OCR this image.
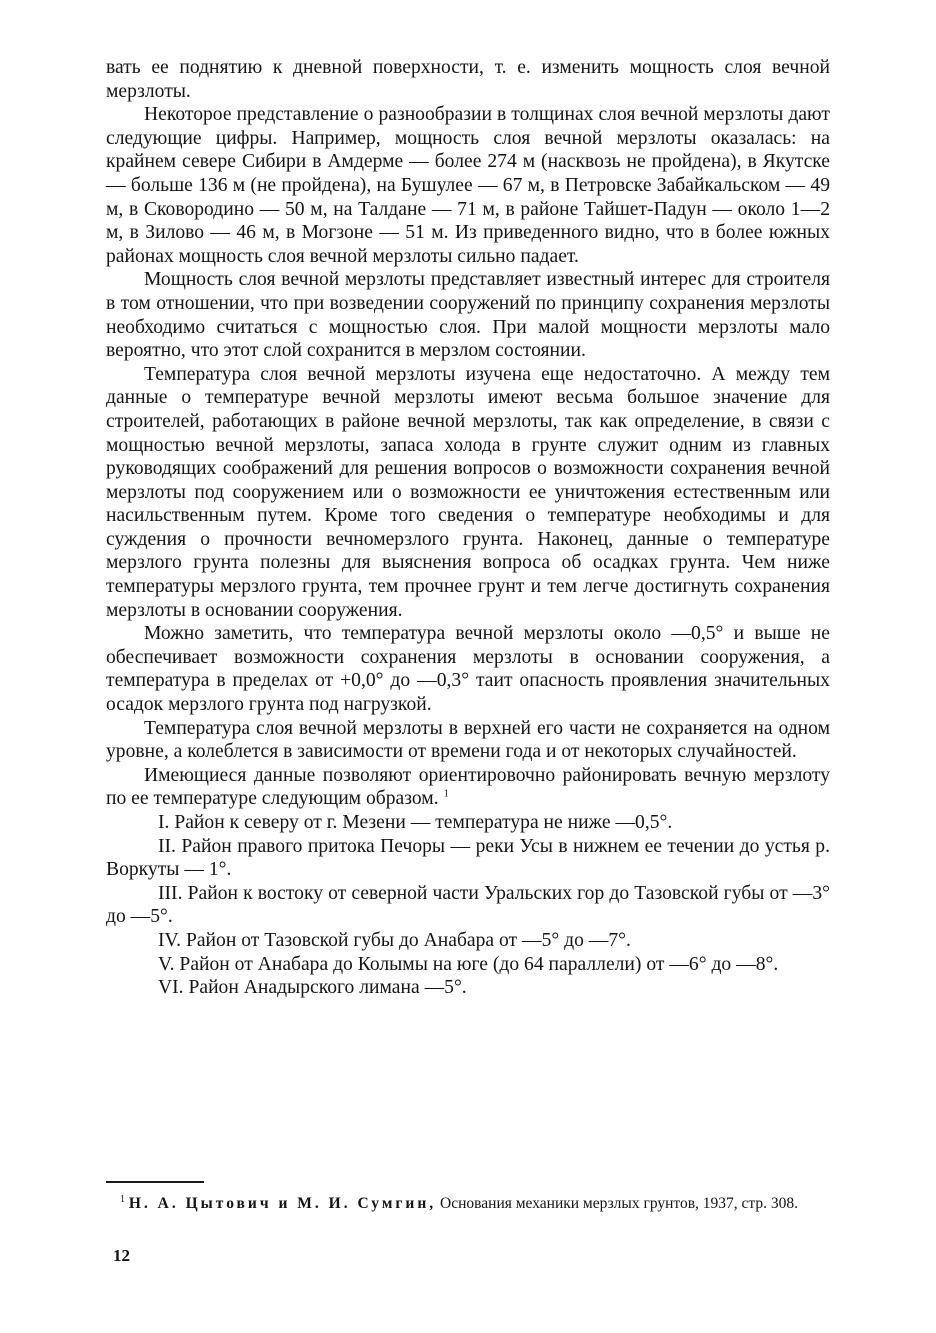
вать ее поднятию к дневной поверхности, т. е. изменить мощность слоя вечной мерзлоты.

Некоторое представление о разнообразии в толщинах слоя вечной мерзлоты дают следующие цифры. Например, мощность слоя вечной мерзлоты оказалась: на крайнем севере Сибири в Амдерме — более 274 м (насквозь не пройдена), в Якутске — больше 136 м (не пройдена), на Бушулее — 67 м, в Петровске Забайкальском — 49 м, в Сковородино — 50 м, на Талдане — 71 м, в районе Тайшет-Падун — около 1—2 м, в Зилово — 46 м, в Могзоне — 51 м. Из приведенного видно, что в более южных районах мощность слоя вечной мерзлоты сильно падает.

Мощность слоя вечной мерзлоты представляет известный интерес для строителя в том отношении, что при возведении сооружений по принципу сохранения мерзлоты необходимо считаться с мощностью слоя. При малой мощности мерзлоты мало вероятно, что этот слой сохранится в мерзлом состоянии.

Температура слоя вечной мерзлоты изучена еще недостаточно. А между тем данные о температуре вечной мерзлоты имеют весьма большое значение для строителей, работающих в районе вечной мерзлоты, так как определение, в связи с мощностью вечной мерзлоты, запаса холода в грунте служит одним из главных руководящих соображений для решения вопросов о возможности сохранения вечной мерзлоты под сооружением или о возможности ее уничтожения естественным или насильственным путем. Кроме того сведения о температуре необходимы и для суждения о прочности вечномерзлого грунта. Наконец, данные о температуре мерзлого грунта полезны для выяснения вопроса об осадках грунта. Чем ниже температуры мерзлого грунта, тем прочнее грунт и тем легче достигнуть сохранения мерзлоты в основании сооружения.

Можно заметить, что температура вечной мерзлоты около —0,5° и выше не обеспечивает возможности сохранения мерзлоты в основании сооружения, а температура в пределах от +0,0° до —0,3° таит опасность проявления значительных осадок мерзлого грунта под нагрузкой.

Температура слоя вечной мерзлоты в верхней его части не сохраняется на одном уровне, а колеблется в зависимости от времени года и от некоторых случайностей.

Имеющиеся данные позволяют ориентировочно районировать вечную мерзлоту по ее температуре следующим образом. $^1$

I. Район к северу от г. Мезени — температура не ниже —0,5°.

II. Район правого притока Печоры — реки Усы в нижнем ее течении до устья р. Воркуты — 1°.

III. Район к востоку от северной части Уральских гор до Тазовской губы от —3° до —5°.

IV. Район от Тазовской губы до Анабара от —5° до —7°.

V. Район от Анабара до Колымы на юге (до 64 параллели) от —6° до —8°.

VI. Район Анадырского лимана —5°.

$^1$ Н. А. Цытович и М. И. Сумгин, Основания механики мерзлых грунтов, 1937, стр. 308.
12
